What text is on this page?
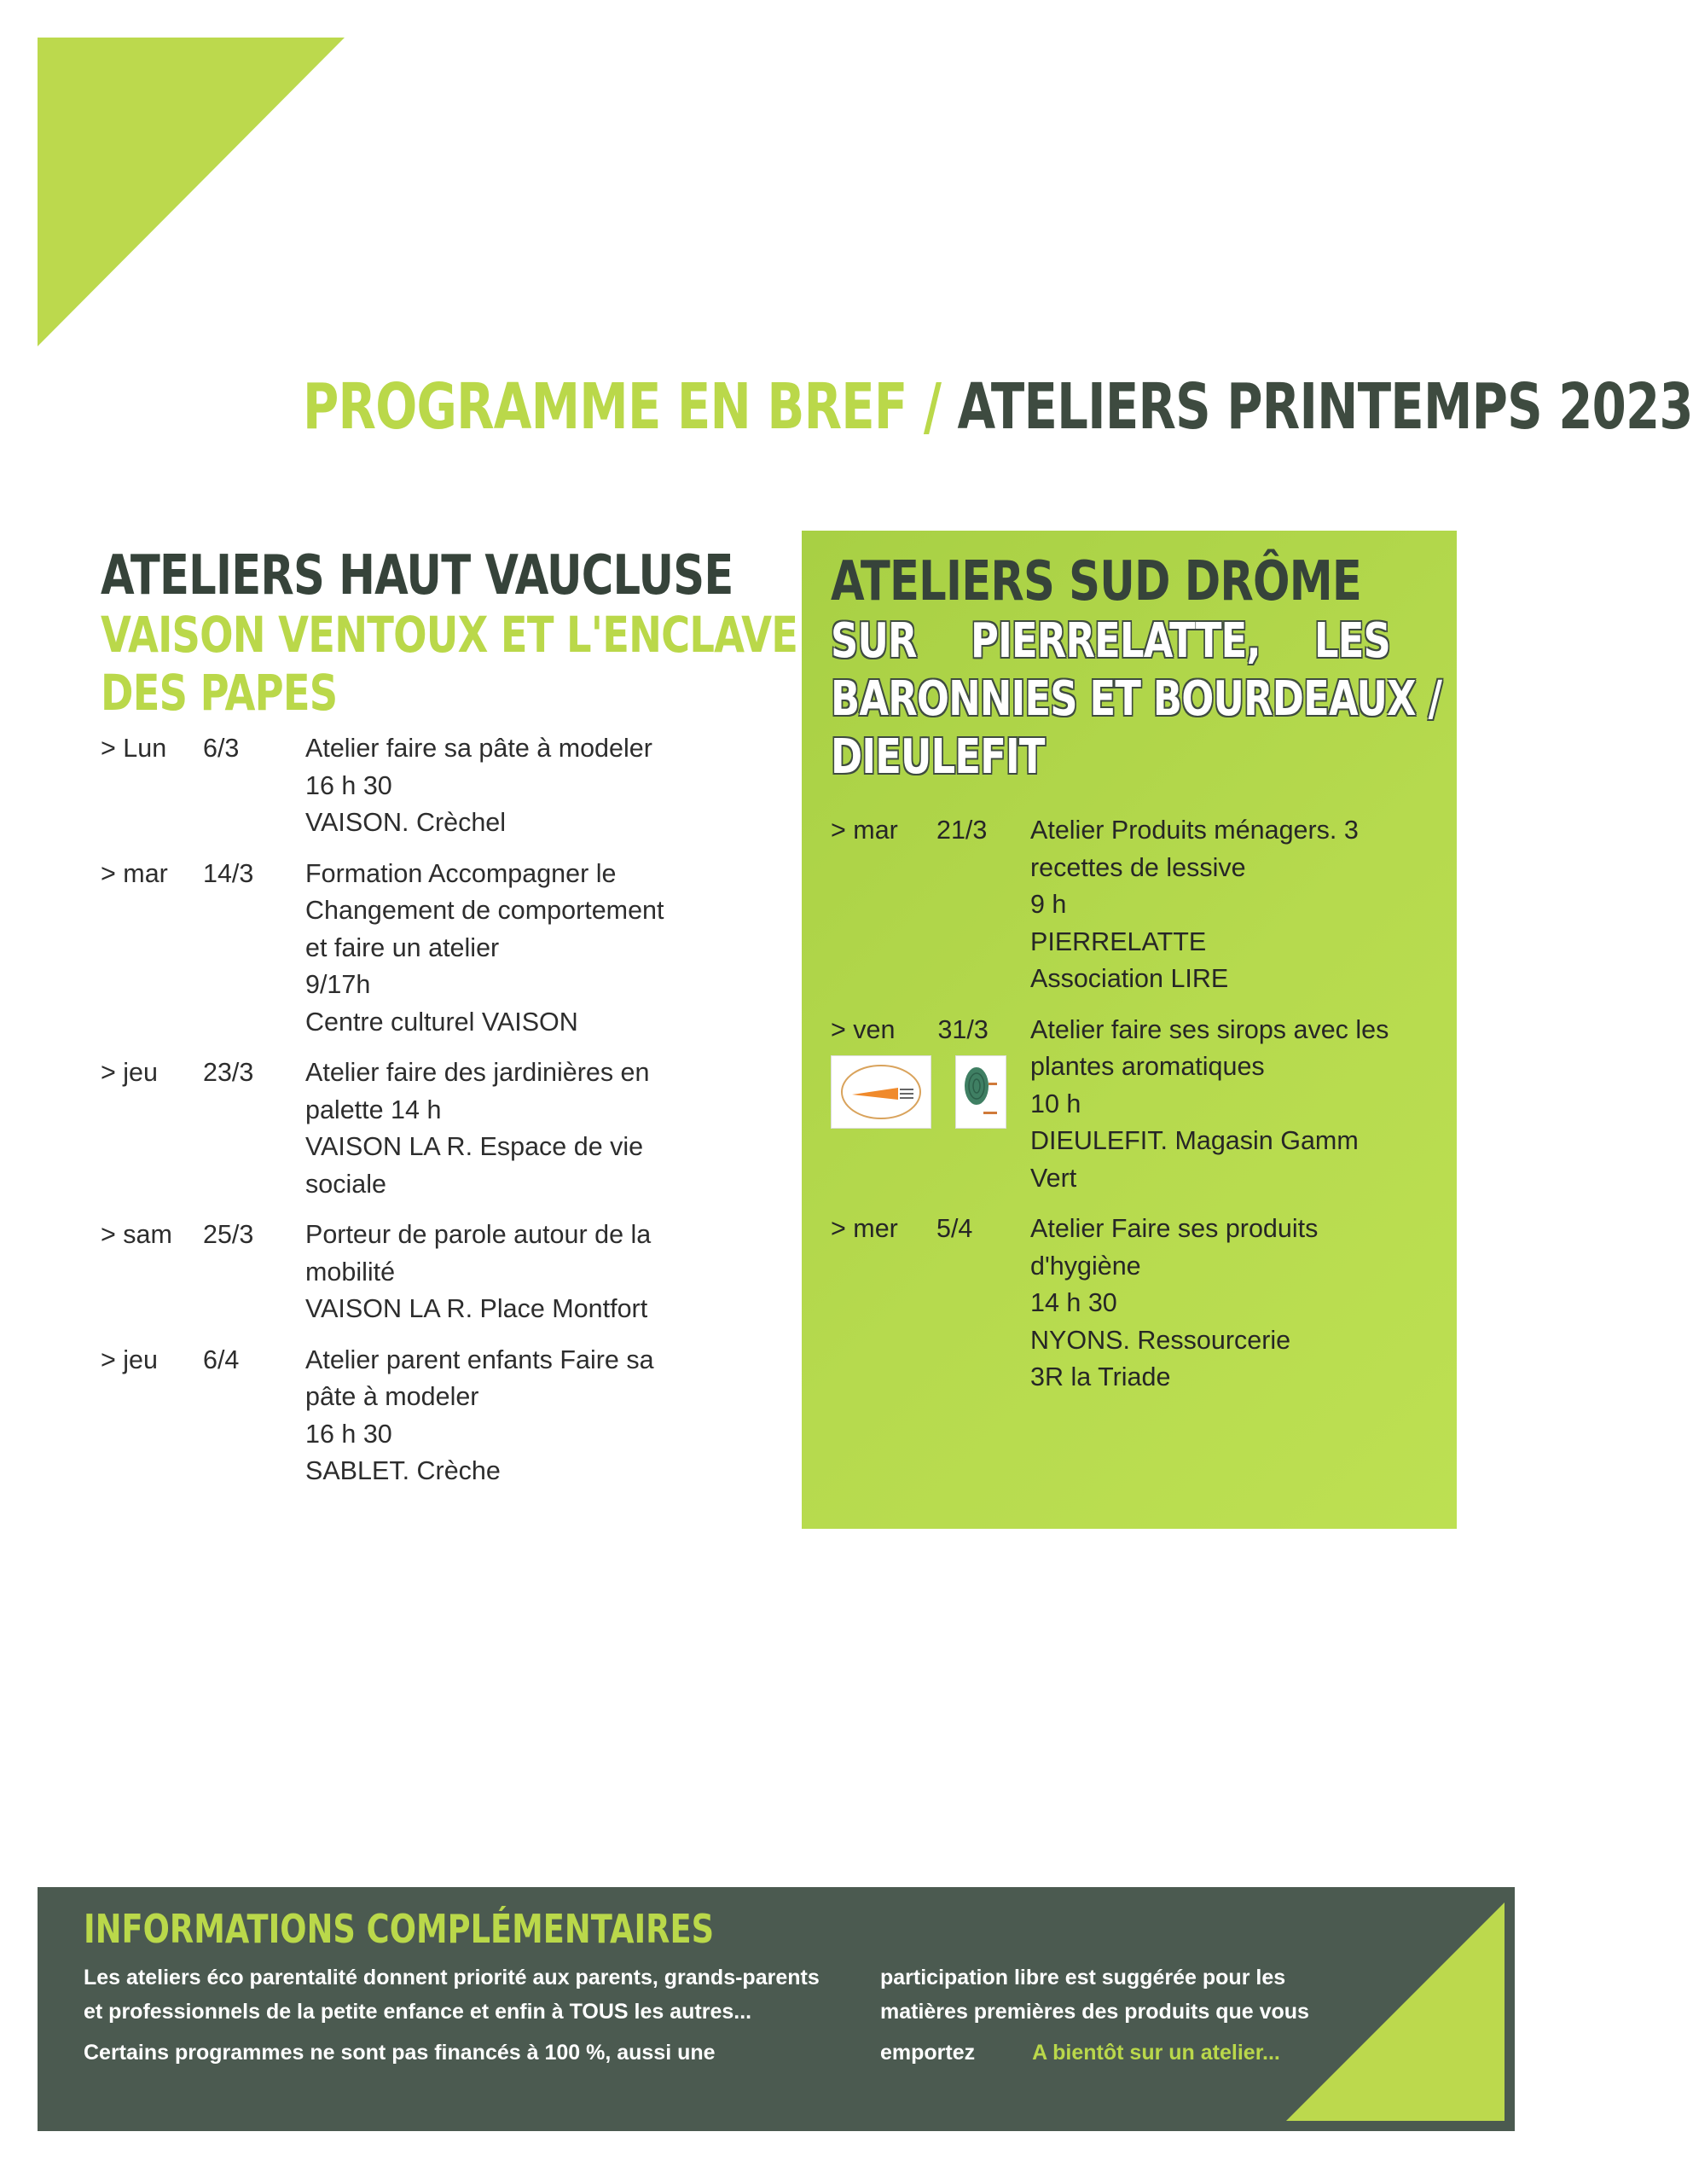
PROGRAMME EN BREF / ATELIERS PRINTEMPS 2023
ATELIERS HAUT VAUCLUSE
VAISON VENTOUX ET L'ENCLAVE
DES PAPES
> Lun	6/3	Atelier faire sa pâte à modeler
16 h 30
VAISON. Crèchel
> mar	14/3	Formation Accompagner le
Changement de comportement
et faire un atelier
9/17h
Centre culturel VAISON
> jeu	23/3	Atelier faire des jardinières en
palette 14 h
VAISON LA R. Espace de vie
sociale
> sam	25/3	Porteur de parole autour de la
mobilité
VAISON LA R. Place Montfort
> jeu	6/4	Atelier parent enfants Faire sa
pâte à modeler
16 h 30
SABLET. Crèche
ATELIERS SUD DRÔME
SUR PIERRELATTE, LES
BARONNIES ET BOURDEAUX /
DIEULEFIT
> mar	21/3	Atelier Produits ménagers. 3
recettes de lessive
9 h
PIERRELATTE
Association LIRE
> ven 31/3 Atelier faire ses sirops avec les
plantes aromatiques
10 h
DIEULEFIT. Magasin Gamm
Vert
> mer	5/4	Atelier Faire ses produits
d'hygiène
14 h 30
NYONS. Ressourcerie
3R la Triade
INFORMATIONS COMPLÉMENTAIRES

Les ateliers éco parentalité donnent priorité aux parents, grands-parents

et professionnels de la petite enfance et enfin à TOUS les autres...

Certains programmes ne sont pas financés à 100 %, aussi une

participation libre est suggérée pour les

matières premières des produits que vous

emportez	A bientôt sur un atelier...
